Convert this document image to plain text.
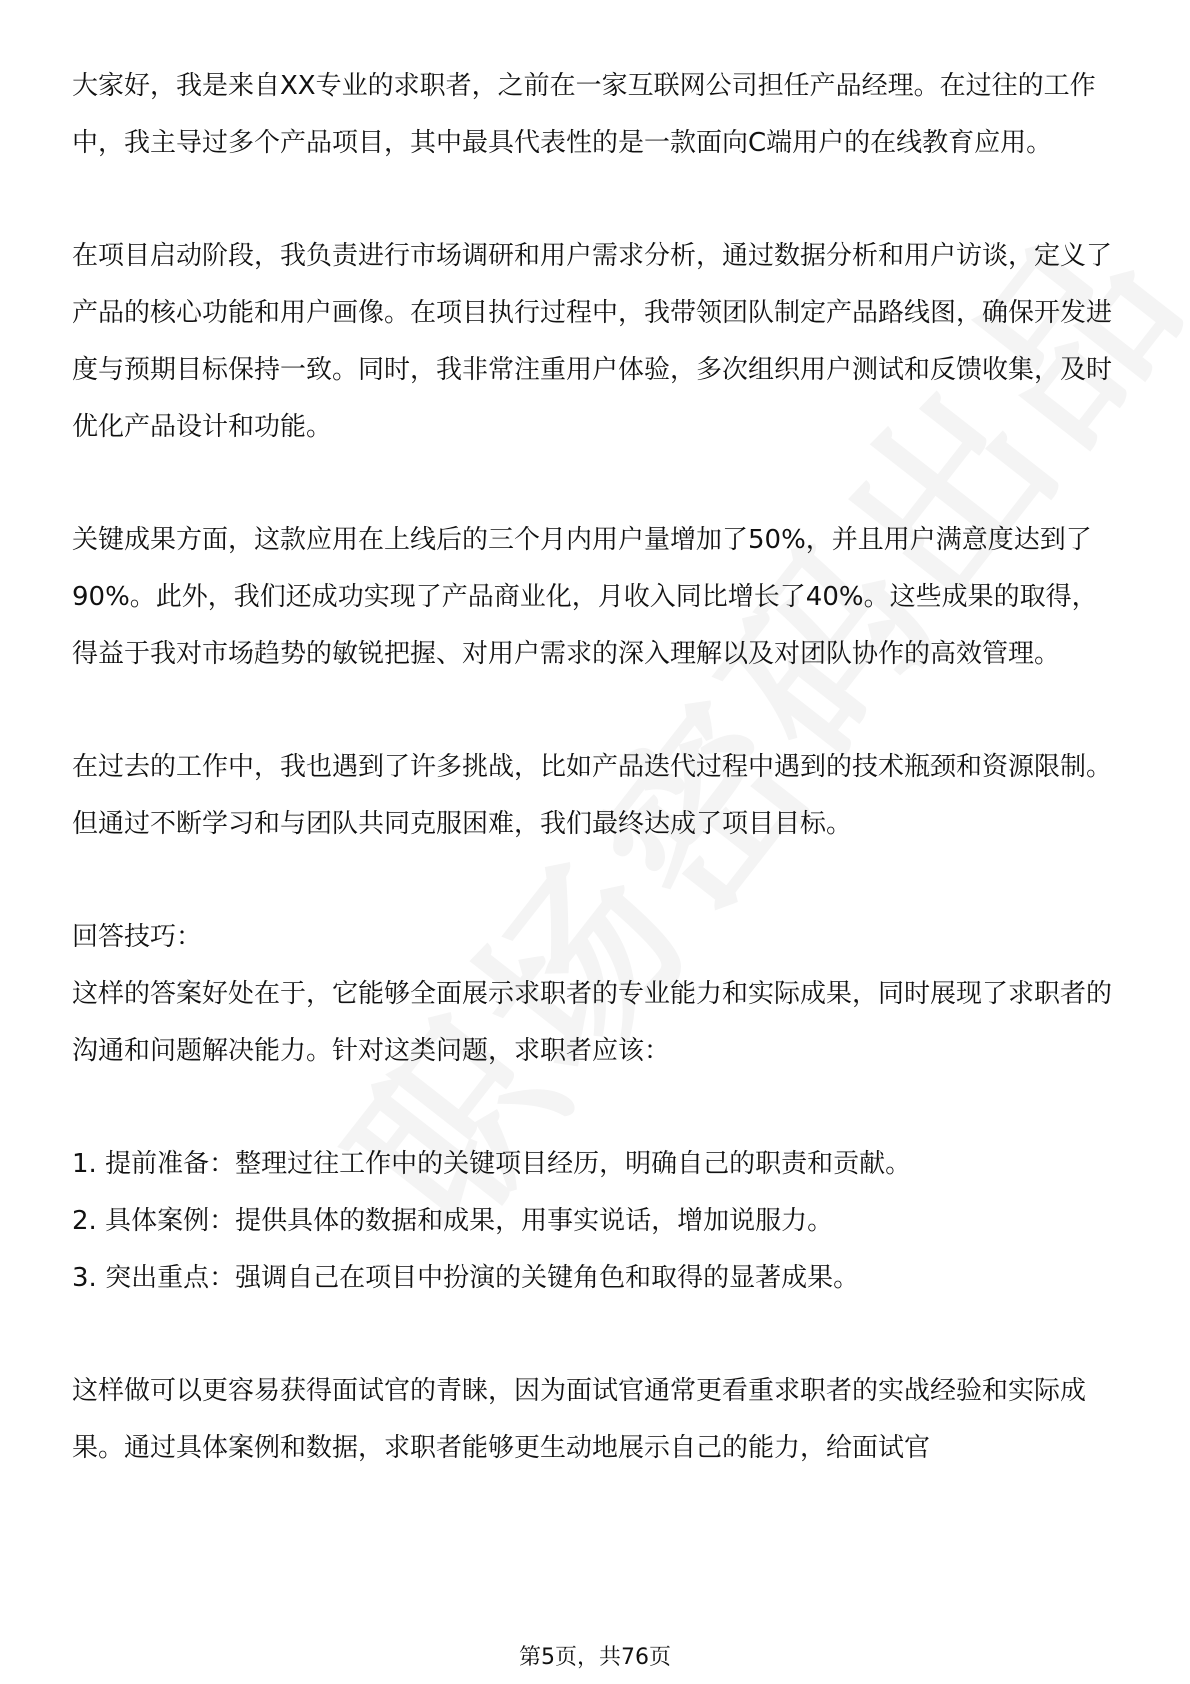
大家好，我是来自XX专业的求职者，之前在一家互联网公司担任产品经理。在过往的工作中，我主导过多个产品项目，其中最具代表性的是一款面向C端用户的在线教育应用。

在项目启动阶段，我负责进行市场调研和用户需求分析，通过数据分析和用户访谈，定义了产品的核心功能和用户画像。在项目执行过程中，我带领团队制定产品路线图，确保开发进度与预期目标保持一致。同时，我非常注重用户体验，多次组织用户测试和反馈收集，及时优化产品设计和功能。

关键成果方面，这款应用在上线后的三个月内用户量增加了50%，并且用户满意度达到了90%。此外，我们还成功实现了产品商业化，月收入同比增长了40%。这些成果的取得，得益于我对市场趋势的敏锐把握、对用户需求的深入理解以及对团队协作的高效管理。

在过去的工作中，我也遇到了许多挑战，比如产品迭代过程中遇到的技术瓶颈和资源限制。但通过不断学习和与团队共同克服困难，我们最终达成了项目目标。

回答技巧：

这样的答案好处在于，它能够全面展示求职者的专业能力和实际成果，同时展现了求职者的沟通和问题解决能力。针对这类问题，求职者应该：

1. 提前准备：整理过往工作中的关键项目经历，明确自己的职责和贡献。

2. 具体案例：提供具体的数据和成果，用事实说话，增加说服力。

3. 突出重点：强调自己在项目中扮演的关键角色和取得的显著成果。

这样做可以更容易获得面试官的青睐，因为面试官通常更看重求职者的实战经验和实际成果。通过具体案例和数据，求职者能够更生动地展示自己的能力，给面试官

第5页，共76页
